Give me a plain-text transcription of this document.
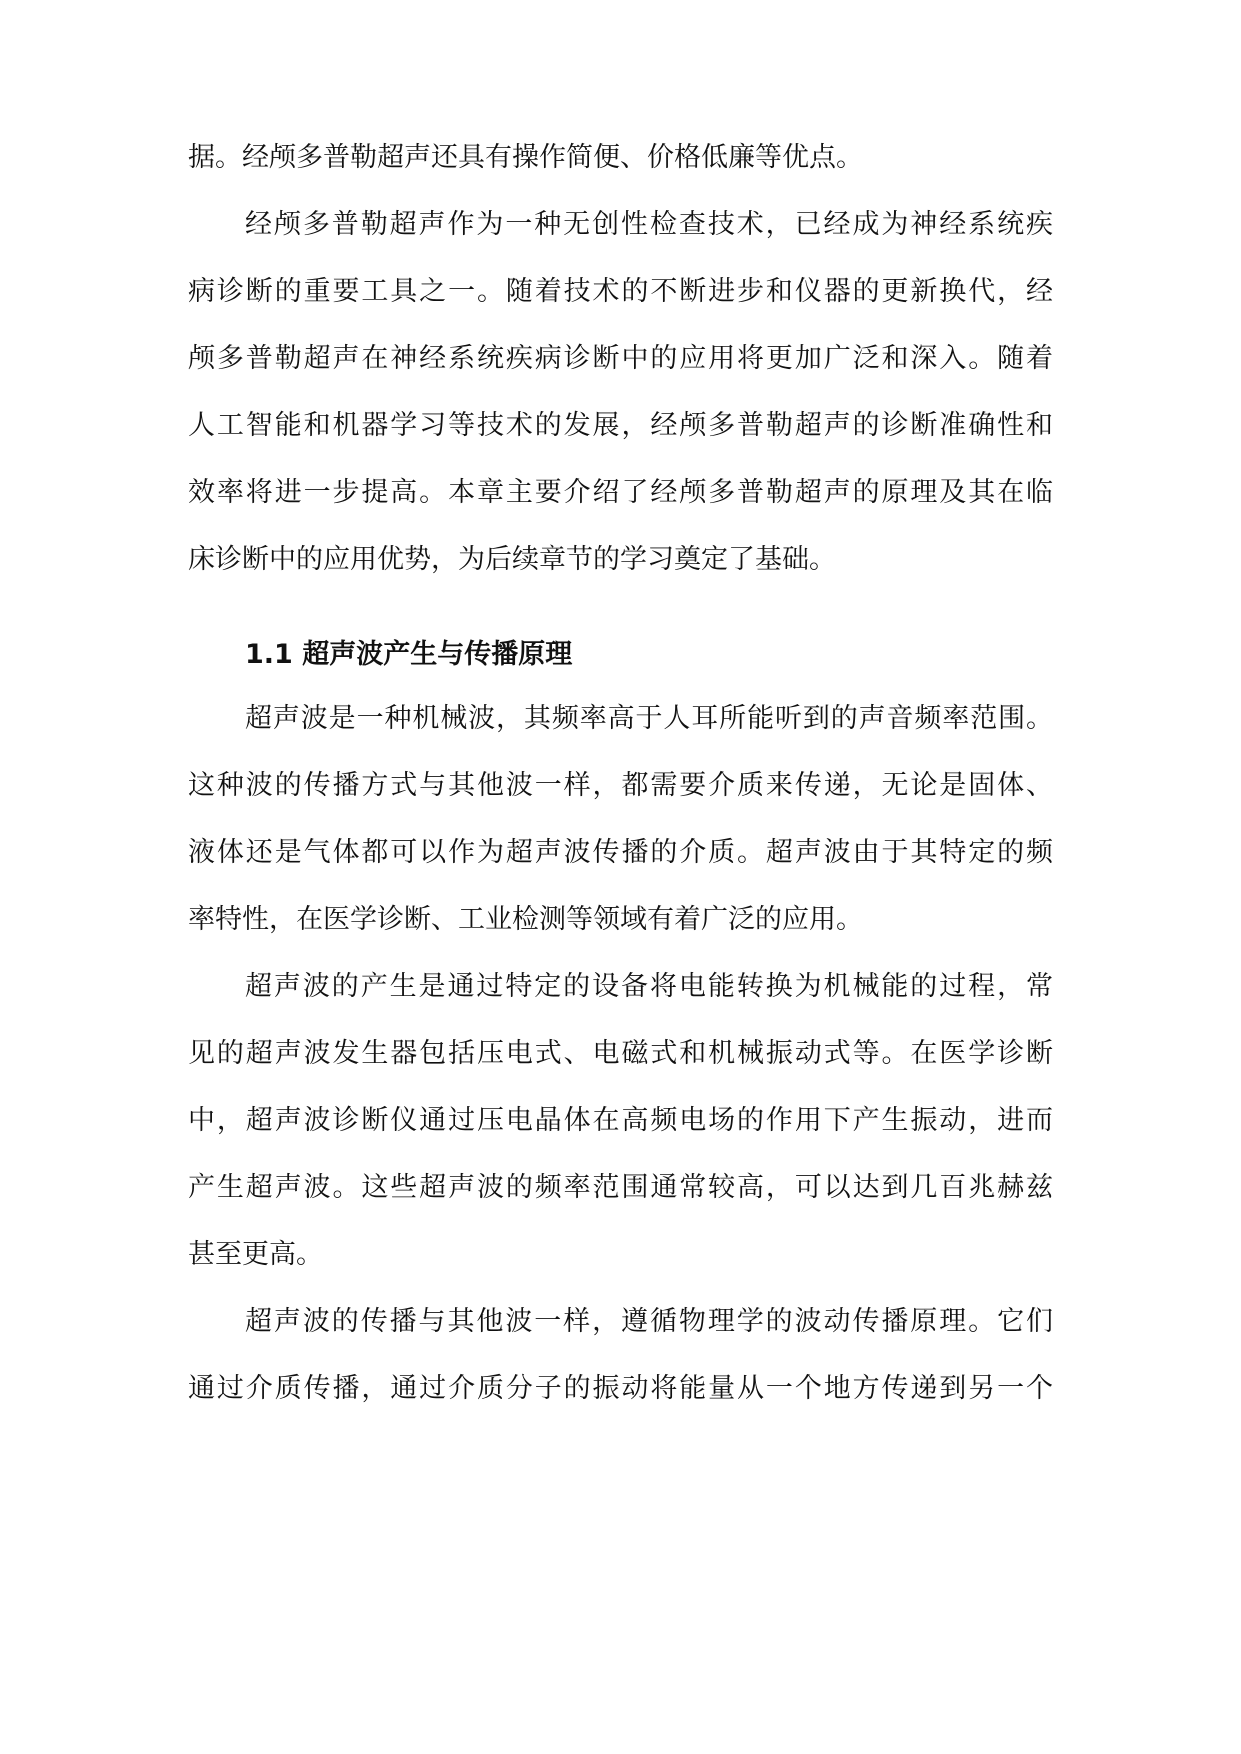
据。经颅多普勒超声还具有操作简便、价格低廉等优点。
经颅多普勒超声作为一种无创性检查技术，已经成为神经系统疾
病诊断的重要工具之一。随着技术的不断进步和仪器的更新换代，经
颅多普勒超声在神经系统疾病诊断中的应用将更加广泛和深入。随着
人工智能和机器学习等技术的发展，经颅多普勒超声的诊断准确性和
效率将进一步提高。本章主要介绍了经颅多普勒超声的原理及其在临
床诊断中的应用优势，为后续章节的学习奠定了基础。
1.1 超声波产生与传播原理
超声波是一种机械波，其频率高于人耳所能听到的声音频率范围。
这种波的传播方式与其他波一样，都需要介质来传递，无论是固体、
液体还是气体都可以作为超声波传播的介质。超声波由于其特定的频
率特性，在医学诊断、工业检测等领域有着广泛的应用。
超声波的产生是通过特定的设备将电能转换为机械能的过程，常
见的超声波发生器包括压电式、电磁式和机械振动式等。在医学诊断
中，超声波诊断仪通过压电晶体在高频电场的作用下产生振动，进而
产生超声波。这些超声波的频率范围通常较高，可以达到几百兆赫兹
甚至更高。
超声波的传播与其他波一样，遵循物理学的波动传播原理。它们
通过介质传播，通过介质分子的振动将能量从一个地方传递到另一个
